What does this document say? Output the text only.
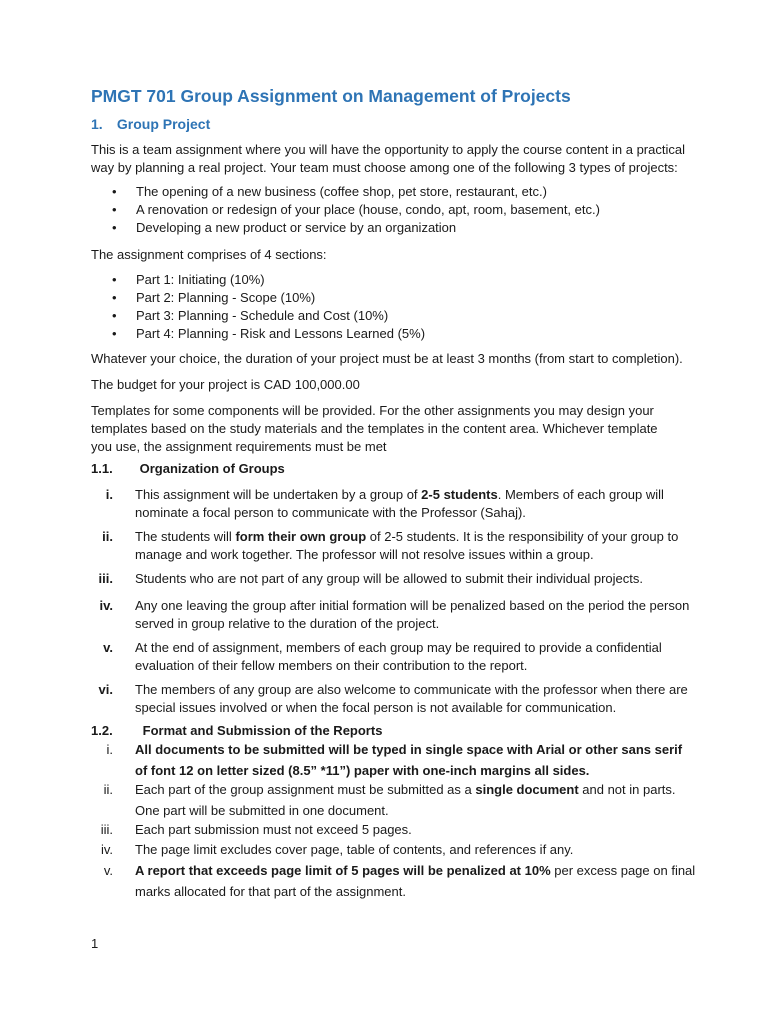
PMGT 701 Group Assignment on Management of Projects
1. Group Project
This is a team assignment where you will have the opportunity to apply the course content in a practical way by planning a real project. Your team must choose among one of the following 3 types of projects:
• The opening of a new business (coffee shop, pet store, restaurant, etc.)
• A renovation or redesign of your place (house, condo, apt, room, basement, etc.)
• Developing a new product or service by an organization
The assignment comprises of 4 sections:
• Part 1: Initiating (10%)
• Part 2: Planning - Scope (10%)
• Part 3: Planning - Schedule and Cost (10%)
• Part 4: Planning - Risk and Lessons Learned (5%)
Whatever your choice, the duration of your project must be at least 3 months (from start to completion).
The budget for your project is CAD 100,000.00
Templates for some components will be provided. For the other assignments you may design your templates based on the study materials and the templates in the content area. Whichever template you use, the assignment requirements must be met
1.1. Organization of Groups
i. This assignment will be undertaken by a group of 2-5 students. Members of each group will nominate a focal person to communicate with the Professor (Sahaj).
ii. The students will form their own group of 2-5 students. It is the responsibility of your group to manage and work together. The professor will not resolve issues within a group.
iii. Students who are not part of any group will be allowed to submit their individual projects.
iv. Any one leaving the group after initial formation will be penalized based on the period the person served in group relative to the duration of the project.
v. At the end of assignment, members of each group may be required to provide a confidential evaluation of their fellow members on their contribution to the report.
vi. The members of any group are also welcome to communicate with the professor when there are special issues involved or when the focal person is not available for communication.
1.2. Format and Submission of the Reports
i. All documents to be submitted will be typed in single space with Arial or other sans serif of font 12 on letter sized (8.5” *11”) paper with one-inch margins all sides.
ii. Each part of the group assignment must be submitted as a single document and not in parts. One part will be submitted in one document.
iii. Each part submission must not exceed 5 pages.
iv. The page limit excludes cover page, table of contents, and references if any.
v. A report that exceeds page limit of 5 pages will be penalized at 10% per excess page on final marks allocated for that part of the assignment.
1
